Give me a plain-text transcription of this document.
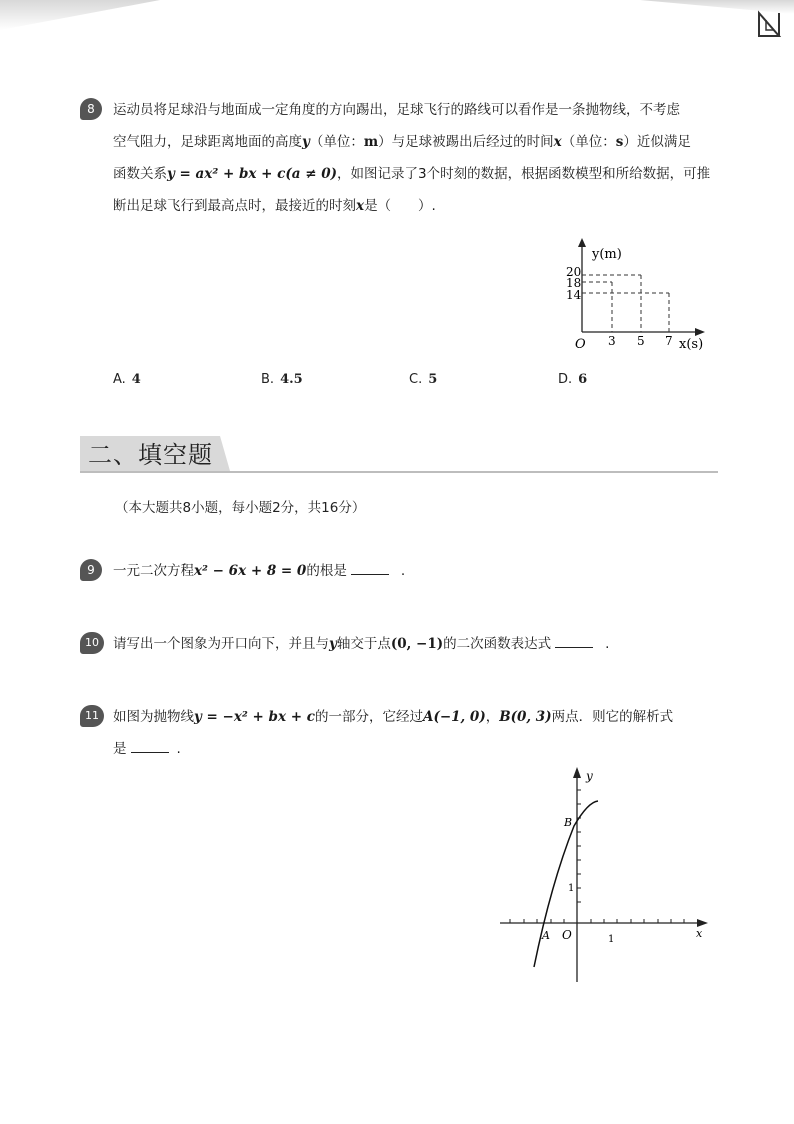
8	运动员将足球沿与地面成一定角度的方向踢出，足球飞行的路线可以看作是一条抛物线，不考虑
空气阻力，足球距离地面的高度y（单位：m）与足球被踢出后经过的时间x（单位：s）近似满足
函数关系y = ax² + bx + c(a ≠ 0)，如图记录了3个时刻的数据，根据函数模型和所给数据，可推
断出足球飞行到最高点时，最接近的时刻x是（　　）.
y(m)
20
18
14
O 3 5 7 x(s)
A. 4	B. 4.5	C. 5	D. 6
二、填空题
（本大题共8小题，每小题2分，共16分）
9	一元二次方程x² − 6x + 8 = 0的根是	.
10	请写出一个图象为开口向下，并且与y轴交于点(0, −1)的二次函数表达式	.
11	如图为抛物线y = −x² + bx + c的一部分，它经过A(−1, 0)，B(0, 3)两点．则它的解析式
是	.
y
x
B
1
A O	1
